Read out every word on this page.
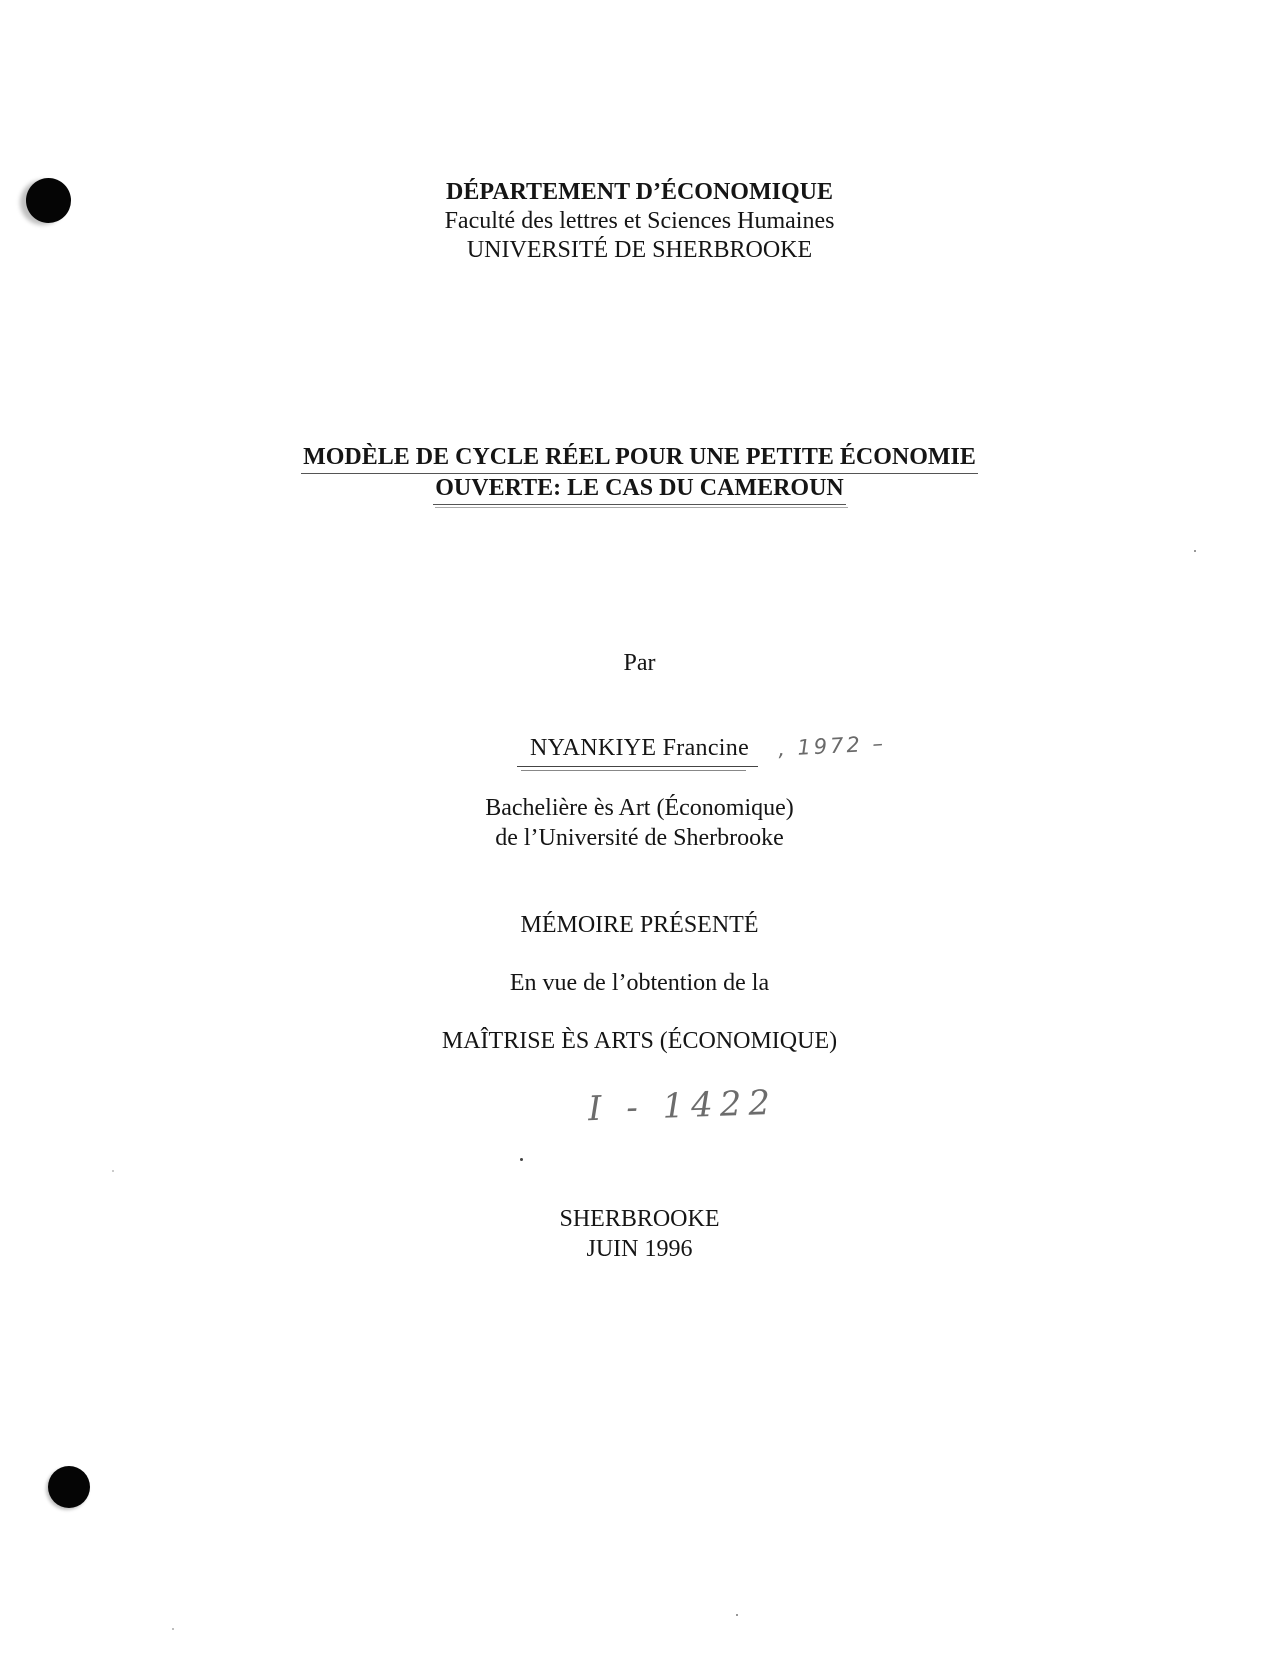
DÉPARTEMENT D’ÉCONOMIQUE
Faculté des lettres et Sciences Humaines
UNIVERSITÉ DE SHERBROOKE
MODÈLE DE CYCLE RÉEL POUR UNE PETITE ÉCONOMIE
OUVERTE: LE CAS DU CAMEROUN
Par
NYANKIYE Francine	, 1972 –
Bachelière ès Art (Économique)
de l’Université de Sherbrooke
MÉMOIRE PRÉSENTÉ
En vue de l’obtention de la
MAÎTRISE ÈS ARTS (ÉCONOMIQUE)
I - 1422
SHERBROOKE
JUIN 1996
